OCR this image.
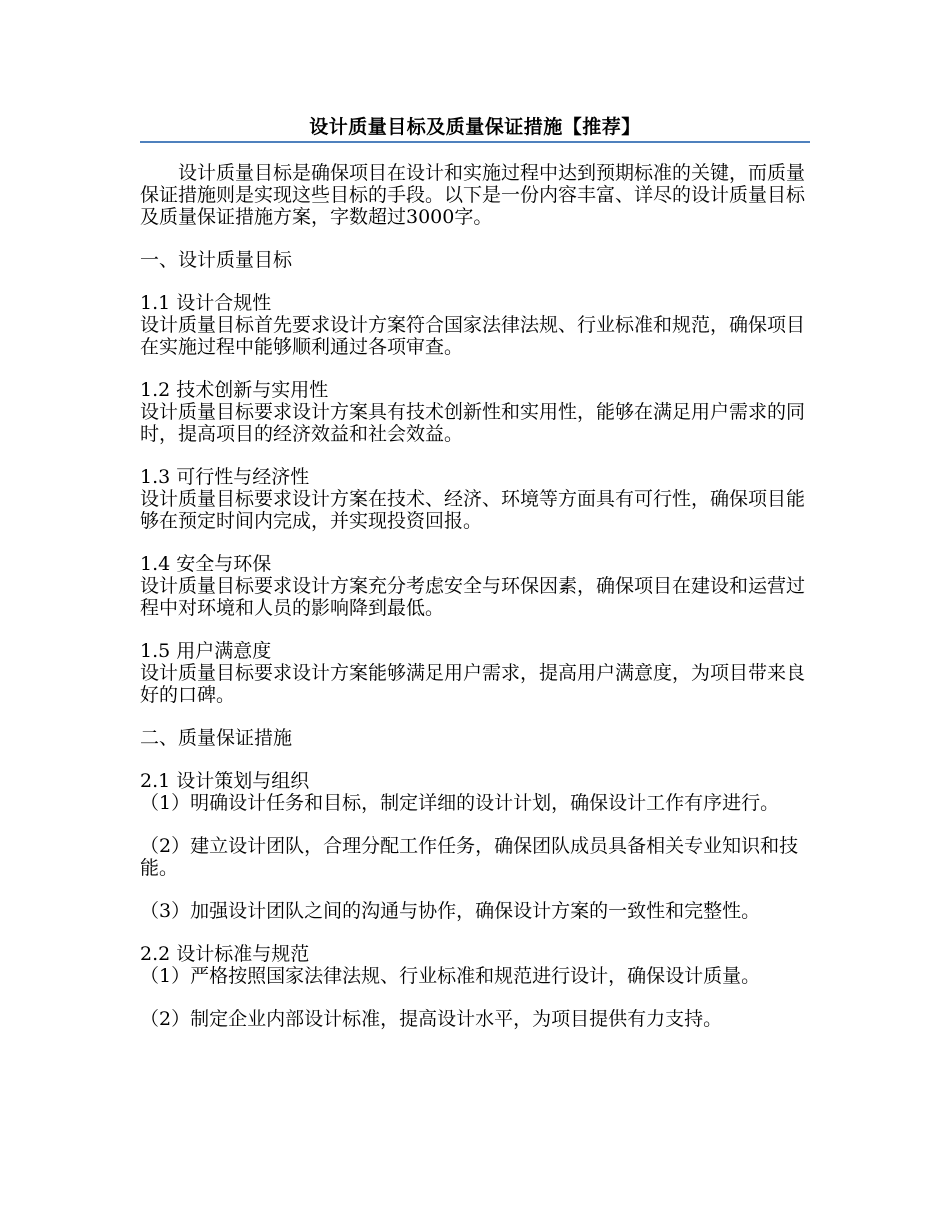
设计质量目标及质量保证措施【推荐】

设计质量目标是确保项目在设计和实施过程中达到预期标准的关键，而质量保证措施则是实现这些目标的手段。以下是一份内容丰富、详尽的设计质量目标及质量保证措施方案，字数超过3000字。

一、设计质量目标

1.1 设计合规性
设计质量目标首先要求设计方案符合国家法律法规、行业标准和规范，确保项目在实施过程中能够顺利通过各项审查。

1.2 技术创新与实用性
设计质量目标要求设计方案具有技术创新性和实用性，能够在满足用户需求的同时，提高项目的经济效益和社会效益。

1.3 可行性与经济性
设计质量目标要求设计方案在技术、经济、环境等方面具有可行性，确保项目能够在预定时间内完成，并实现投资回报。

1.4 安全与环保
设计质量目标要求设计方案充分考虑安全与环保因素，确保项目在建设和运营过程中对环境和人员的影响降到最低。

1.5 用户满意度
设计质量目标要求设计方案能够满足用户需求，提高用户满意度，为项目带来良好的口碑。

二、质量保证措施

2.1 设计策划与组织
（1）明确设计任务和目标，制定详细的设计计划，确保设计工作有序进行。

（2）建立设计团队，合理分配工作任务，确保团队成员具备相关专业知识和技能。

（3）加强设计团队之间的沟通与协作，确保设计方案的一致性和完整性。

2.2 设计标准与规范
（1）严格按照国家法律法规、行业标准和规范进行设计，确保设计质量。

（2）制定企业内部设计标准，提高设计水平，为项目提供有力支持。
